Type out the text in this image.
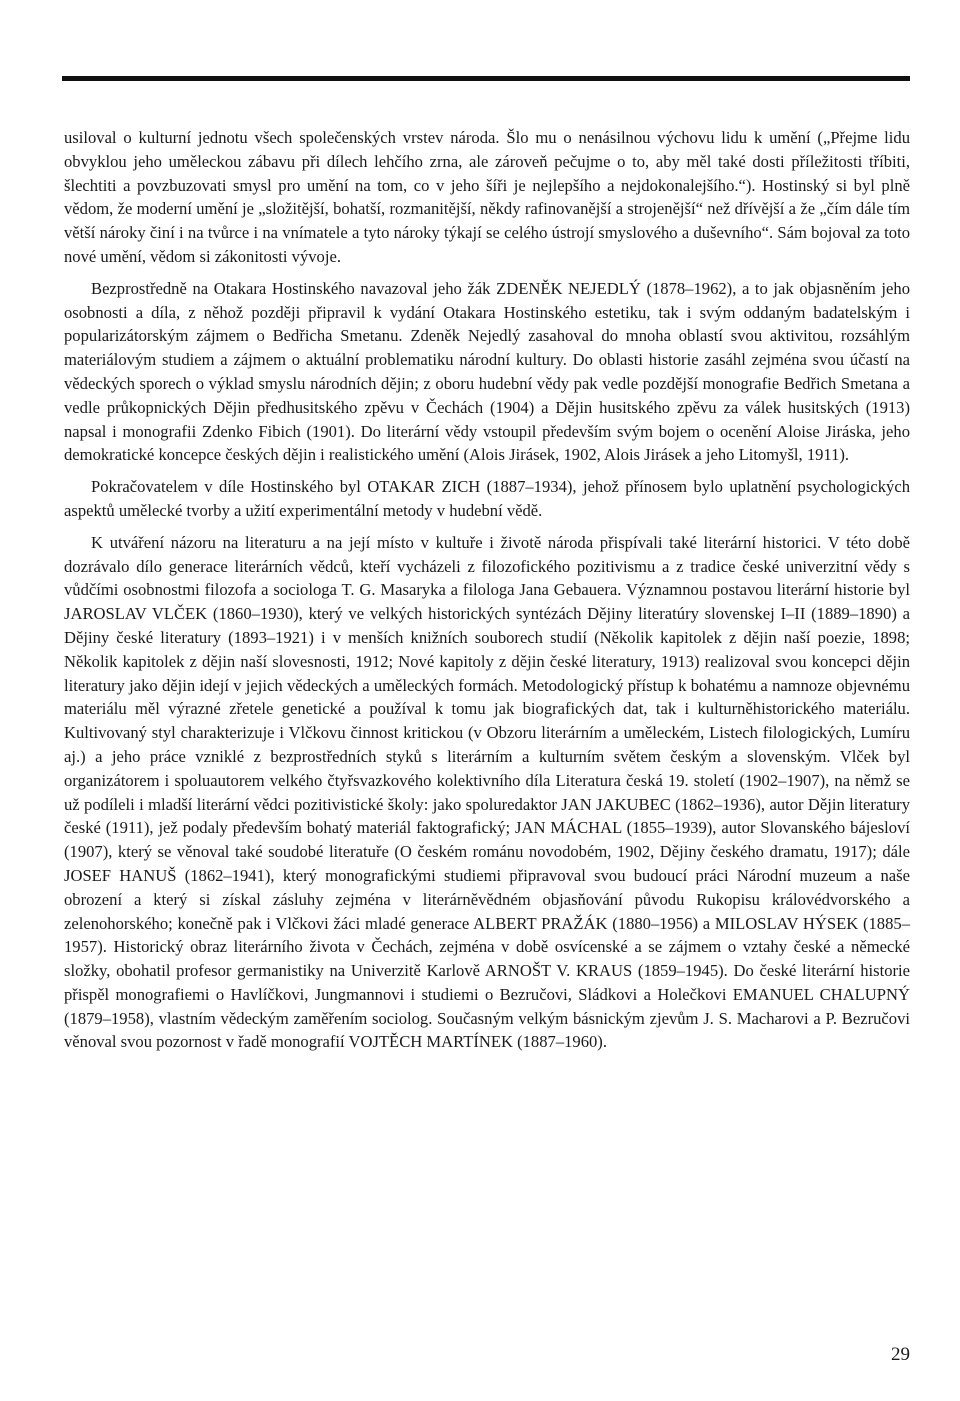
usiloval o kulturní jednotu všech společenských vrstev národa. Šlo mu o nenásilnou výchovu lidu k umění („Přejme lidu obvyklou jeho uměleckou zábavu při dílech lehčího zrna, ale zároveň pečujme o to, aby měl také dosti příležitosti tříbiti, šlechtiti a povzbuzovati smysl pro umění na tom, co v jeho šíři je nejlepšího a nejdokonalejšího.“). Hostinský si byl plně vědom, že moderní umění je „složitější, bohatší, rozmanitější, někdy rafinovanější a strojenější“ než dřívější a že „čím dále tím větší nároky činí i na tvůrce i na vnímatele a tyto nároky týkají se celého ústrojí smyslového a duševního“. Sám bojoval za toto nové umění, vědom si zákonitosti vývoje.

Bezprostředně na Otakara Hostinského navazoval jeho žák ZDENĚK NEJEDLÝ (1878–1962), a to jak objasněním jeho osobnosti a díla, z něhož později připravil k vydání Otakara Hostinského estetiku, tak i svým oddaným badatelským i popularizátorským zájmem o Bedřicha Smetanu. Zdeněk Nejedlý zasahoval do mnoha oblastí svou aktivitou, rozsáhlým materiálovým studiem a zájmem o aktuální problematiku národní kultury. Do oblasti historie zasáhl zejména svou účastí na vědeckých sporech o výklad smyslu národních dějin; z oboru hudební vědy pak vedle pozdější monografie Bedřich Smetana a vedle průkopnických Dějin předhusitského zpěvu v Čechách (1904) a Dějin husitského zpěvu za válek husitských (1913) napsal i monografii Zdenko Fibich (1901). Do literární vědy vstoupil především svým bojem o ocenění Aloise Jiráska, jeho demokratické koncepce českých dějin i realistického umění (Alois Jirásek, 1902, Alois Jirásek a jeho Litomyšl, 1911).

Pokračovatelem v díle Hostinského byl OTAKAR ZICH (1887–1934), jehož přínosem bylo uplatnění psychologických aspektů umělecké tvorby a užití experimentální metody v hudební vědě.

K utváření názoru na literaturu a na její místo v kultuře i životě národa přispívali také literární historici. V této době dozrávalo dílo generace literárních vědců, kteří vycházeli z filozofického pozitivismu a z tradice české univerzitní vědy s vůdčími osobnostmi filozofa a sociologa T. G. Masaryka a filologa Jana Gebauera. Významnou postavou literární historie byl JAROSLAV VLČEK (1860–1930), který ve velkých historických syntézách Dějiny literatúry slovenskej I–II (1889–1890) a Dějiny české literatury (1893–1921) i v menších knižních souborech studií (Několik kapitolek z dějin naší poezie, 1898; Několik kapitolek z dějin naší slovesnosti, 1912; Nové kapitoly z dějin české literatury, 1913) realizoval svou koncepci dějin literatury jako dějin idejí v jejich vědeckých a uměleckých formách. Metodologický přístup k bohatému a namnoze objevnému materiálu měl výrazné zřetele genetické a používal k tomu jak biografických dat, tak i kulturněhistorického materiálu. Kultivovaný styl charakterizuje i Vlčkovu činnost kritickou (v Obzoru literárním a uměleckém, Listech filologických, Lumíru aj.) a jeho práce vzniklé z bezprostředních styků s literárním a kulturním světem českým a slovenským. Vlček byl organizátorem i spoluautorem velkého čtyřsvazkového kolektivního díla Literatura česká 19. století (1902–1907), na němž se už podíleli i mladší literární vědci pozitivistické školy: jako spoluredaktor JAN JAKUBEC (1862–1936), autor Dějin literatury české (1911), jež podaly především bohatý materiál faktografický; JAN MÁCHAL (1855–1939), autor Slovanského bájesloví (1907), který se věnoval také soudobé literatuře (O českém románu novodobém, 1902, Dějiny českého dramatu, 1917); dále JOSEF HANUŠ (1862–1941), který monografickými studiemi připravoval svou budoucí práci Národní muzeum a naše obrození a který si získal zásluhy zejména v literárněvědném objasňování původu Rukopisu královédvorského a zelenohorského; konečně pak i Vlčkovi žáci mladé generace ALBERT PRAŽÁK (1880–1956) a MILOSLAV HÝSEK (1885–1957). Historický obraz literárního života v Čechách, zejména v době osvícenské a se zájmem o vztahy české a německé složky, obohatil profesor germanistiky na Univerzitě Karlově ARNOŠT V. KRAUS (1859–1945). Do české literární historie přispěl monografiemi o Havlíčkovi, Jungmannovi i studiemi o Bezručovi, Sládkovi a Holečkovi EMANUEL CHALUPNÝ (1879–1958), vlastním vědeckým zaměřením sociolog. Současným velkým básnickým zjevům J. S. Macharovi a P. Bezručovi věnoval svou pozornost v řadě monografií VOJTĚCH MARTÍNEK (1887–1960).

29
